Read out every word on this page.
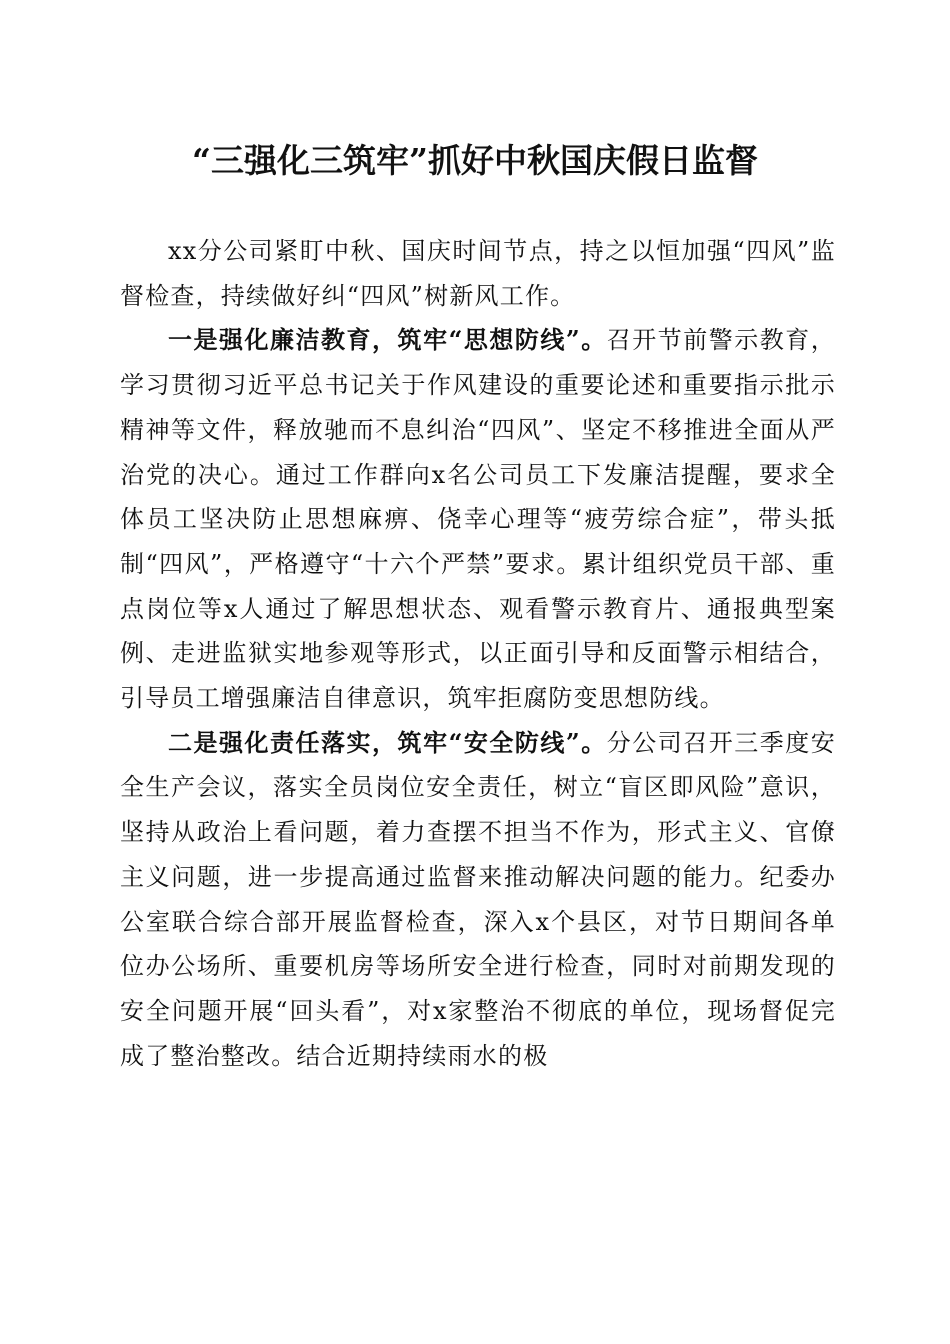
“三强化三筑牢”抓好中秋国庆假日监督

xx分公司紧盯中秋、国庆时间节点，持之以恒加强“四风”监督检查，持续做好纠“四风”树新风工作。

一是强化廉洁教育，筑牢“思想防线”。召开节前警示教育，学习贯彻习近平总书记关于作风建设的重要论述和重要指示批示精神等文件，释放驰而不息纠治“四风”、坚定不移推进全面从严治党的决心。通过工作群向x名公司员工下发廉洁提醒，要求全体员工坚决防止思想麻痹、侥幸心理等“疲劳综合症”，带头抵制“四风”，严格遵守“十六个严禁”要求。累计组织党员干部、重点岗位等x人通过了解思想状态、观看警示教育片、通报典型案例、走进监狱实地参观等形式，以正面引导和反面警示相结合，引导员工增强廉洁自律意识，筑牢拒腐防变思想防线。

二是强化责任落实，筑牢“安全防线”。分公司召开三季度安全生产会议，落实全员岗位安全责任，树立“盲区即风险”意识，坚持从政治上看问题，着力查摆不担当不作为，形式主义、官僚主义问题，进一步提高通过监督来推动解决问题的能力。纪委办公室联合综合部开展监督检查，深入x个县区，对节日期间各单位办公场所、重要机房等场所安全进行检查，同时对前期发现的安全问题开展“回头看”，对x家整治不彻底的单位，现场督促完成了整治整改。结合近期持续雨水的极
